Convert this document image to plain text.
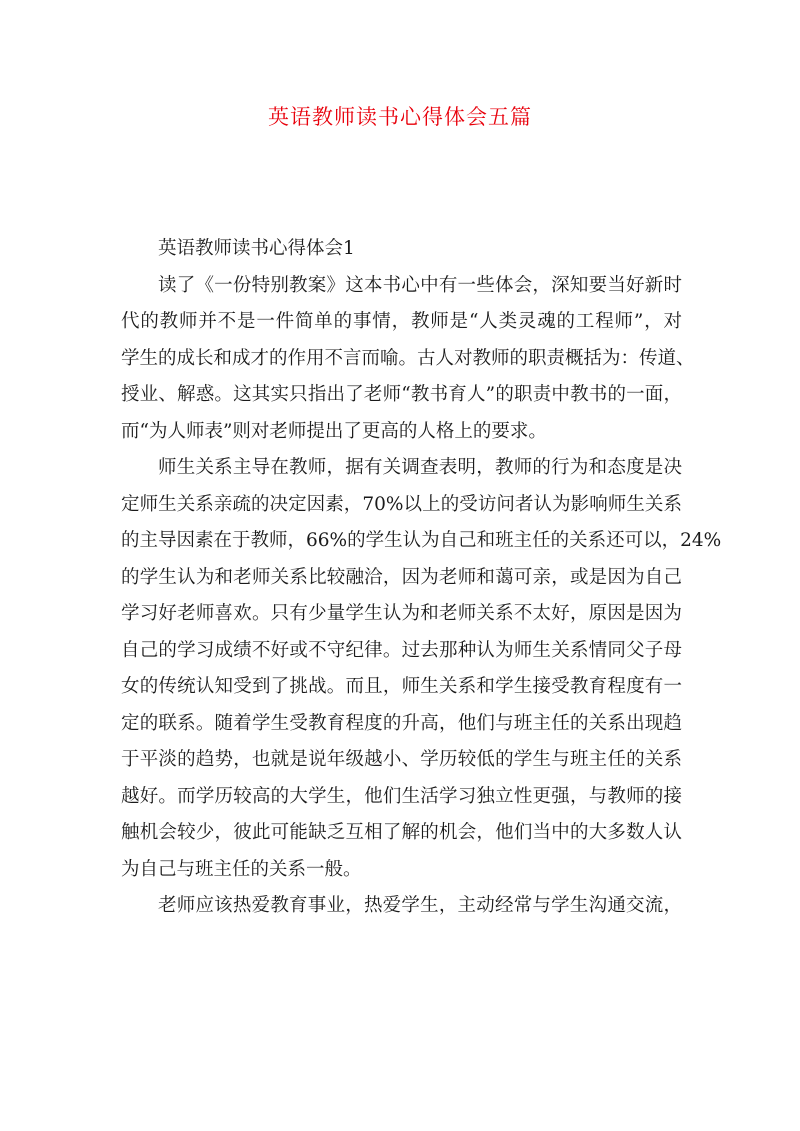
英语教师读书心得体会五篇
英语教师读书心得体会1
读了《一份特别教案》这本书心中有一些体会，深知要当好新时
代的教师并不是一件简单的事情，教师是“人类灵魂的工程师”，对
学生的成长和成才的作用不言而喻。古人对教师的职责概括为：传道、
授业、解惑。这其实只指出了老师“教书育人”的职责中教书的一面，
而“为人师表”则对老师提出了更高的人格上的要求。
师生关系主导在教师，据有关调查表明，教师的行为和态度是决
定师生关系亲疏的决定因素，70%以上的受访问者认为影响师生关系
的主导因素在于教师，66%的学生认为自己和班主任的关系还可以，24%
的学生认为和老师关系比较融洽，因为老师和蔼可亲，或是因为自己
学习好老师喜欢。只有少量学生认为和老师关系不太好，原因是因为
自己的学习成绩不好或不守纪律。过去那种认为师生关系情同父子母
女的传统认知受到了挑战。而且，师生关系和学生接受教育程度有一
定的联系。随着学生受教育程度的升高，他们与班主任的关系出现趋
于平淡的趋势，也就是说年级越小、学历较低的学生与班主任的关系
越好。而学历较高的大学生，他们生活学习独立性更强，与教师的接
触机会较少，彼此可能缺乏互相了解的机会，他们当中的大多数人认
为自己与班主任的关系一般。
老师应该热爱教育事业，热爱学生，主动经常与学生沟通交流，
